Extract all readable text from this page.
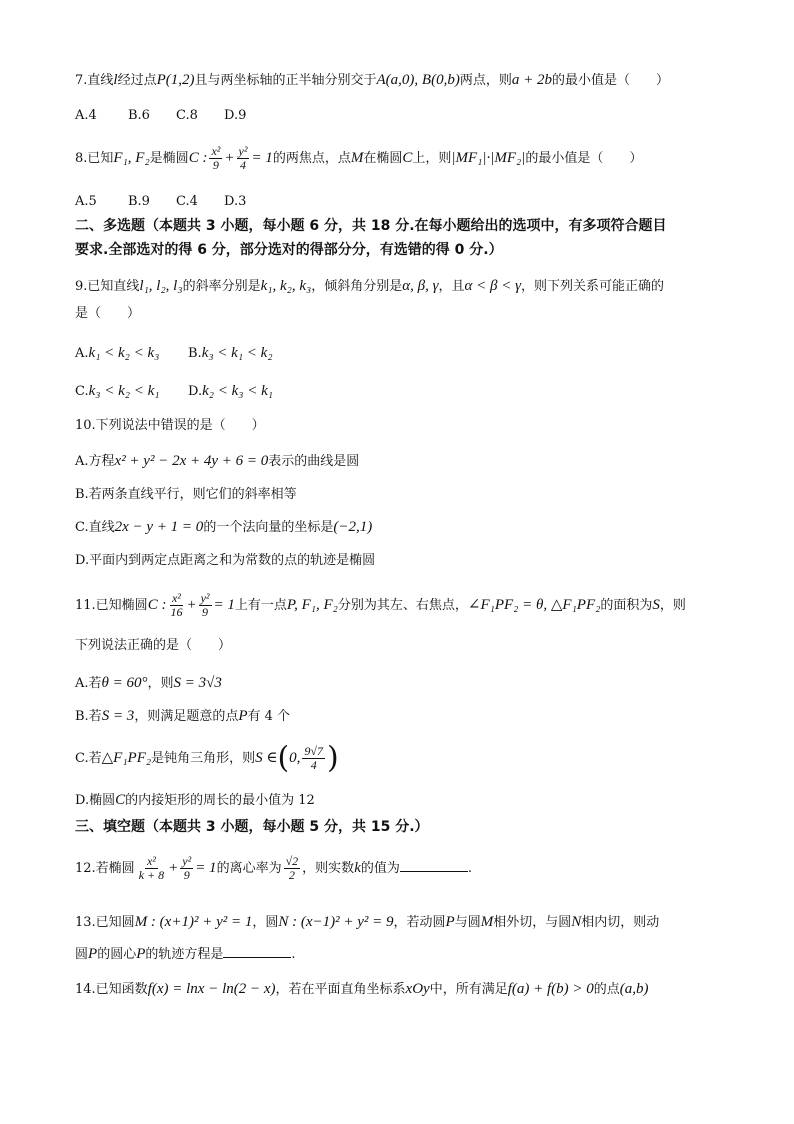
7.直线l经过点P(1,2)且与两坐标轴的正半轴分别交于A(a,0), B(0,b)两点，则a + 2b的最小值是（　　）
A.4 B.6 C.8 D.9
8.已知F₁, F₂是椭圆C : $\frac{\text{x²}}{9} + \frac{\text{y²}}{4} = 1$的两焦点，点M在椭圆C上，则|MF₁|·|MF₂|的最小值是（　　）
A.5 B.9 C.4 D.3
二、多选题（本题共 3 小题，每小题 6 分，共 18 分.在每小题给出的选项中，有多项符合题目
要求.全部选对的得 6 分，部分选对的得部分分，有选错的得 0 分.）
9.已知直线l₁, l₂, l₃的斜率分别是k₁, k₂, k₃，倾斜角分别是α, β, γ，且α < β < γ，则下列关系可能正确的
是（　　）
A.k₁ < k₂ < k₃ B.k₃ < k₁ < k₂
C.k₃ < k₂ < k₁ D.k₂ < k₃ < k₁
10.下列说法中错误的是（　　）
A.方程x² + y² − 2x + 4y + 6 = 0表示的曲线是圆
B.若两条直线平行，则它们的斜率相等
C.直线2x − y + 1 = 0的一个法向量的坐标是(−2,1)
D.平面内到两定点距离之和为常数的点的轨迹是椭圆
11.已知椭圆C : $\frac{\text{x²}}{16} + \frac{\text{y²}}{9} = 1$上有一点P, F₁, F₂分别为其左、右焦点，∠F₁PF₂ = θ, △F₁PF₂的面积为S，则
下列说法正确的是（　　）
A.若θ = 60°，则S = 3√3
B.若S = 3，则满足题意的点P有 4 个
C.若△F₁PF₂是钝角三角形，则S ∈(0, $\frac{9√7}{4}$ )
D.椭圆C的内接矩形的周长的最小值为 12
三、填空题（本题共 3 小题，每小题 5 分，共 15 分.）
12.若椭圆 $\frac{\text{x²}}{k + 8} + \frac{\text{y²}}{9} = 1$的离心率为 $\frac{√2}{2}$ ，则实数k的值为	.
13.已知圆M : (x+1)² + y² = 1，圆N : (x−1)² + y² = 9，若动圆P与圆M相外切，与圆N相内切，则动
圆P的圆心P的轨迹方程是	.
14.已知函数f(x) = lnx − ln(2 − x)，若在平面直角坐标系xOy中，所有满足f(a) + f(b) > 0的点(a,b)
